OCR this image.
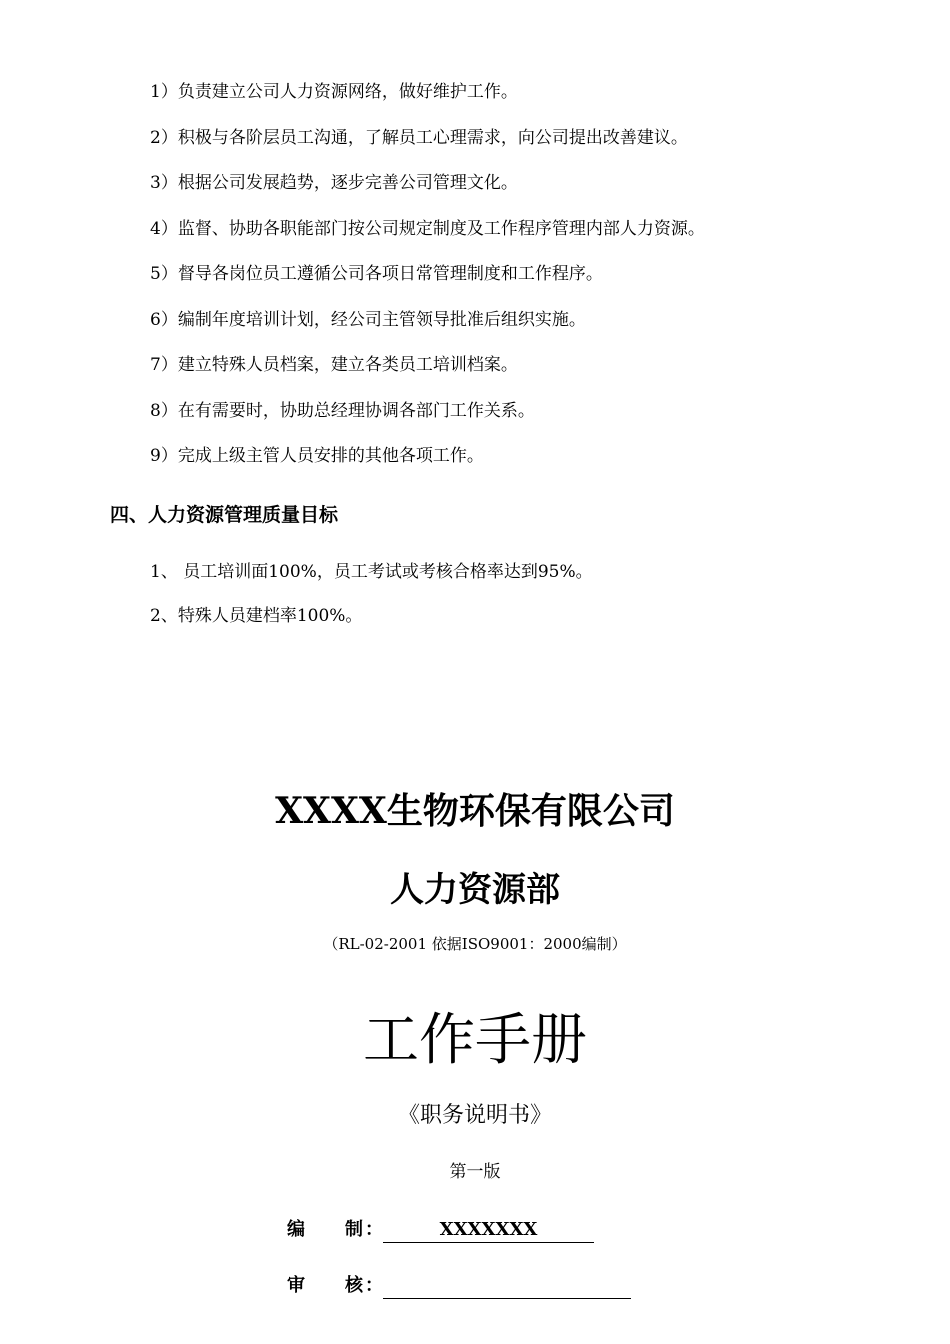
1）负责建立公司人力资源网络，做好维护工作。
2）积极与各阶层员工沟通，了解员工心理需求，向公司提出改善建议。
3）根据公司发展趋势，逐步完善公司管理文化。
4）监督、协助各职能部门按公司规定制度及工作程序管理内部人力资源。
5）督导各岗位员工遵循公司各项日常管理制度和工作程序。
6）编制年度培训计划，经公司主管领导批准后组织实施。
7）建立特殊人员档案，建立各类员工培训档案。
8）在有需要时，协助总经理协调各部门工作关系。
9）完成上级主管人员安排的其他各项工作。
四、人力资源管理质量目标
1、 员工培训面100%，员工考试或考核合格率达到95%。
2、特殊人员建档率100%。
XXXX生物环保有限公司
人力资源部
（RL-02-2001 依据ISO9001：2000编制）
工作手册
《职务说明书》
第一版
编 制 ：	XXXXXXX
审 核 ：
